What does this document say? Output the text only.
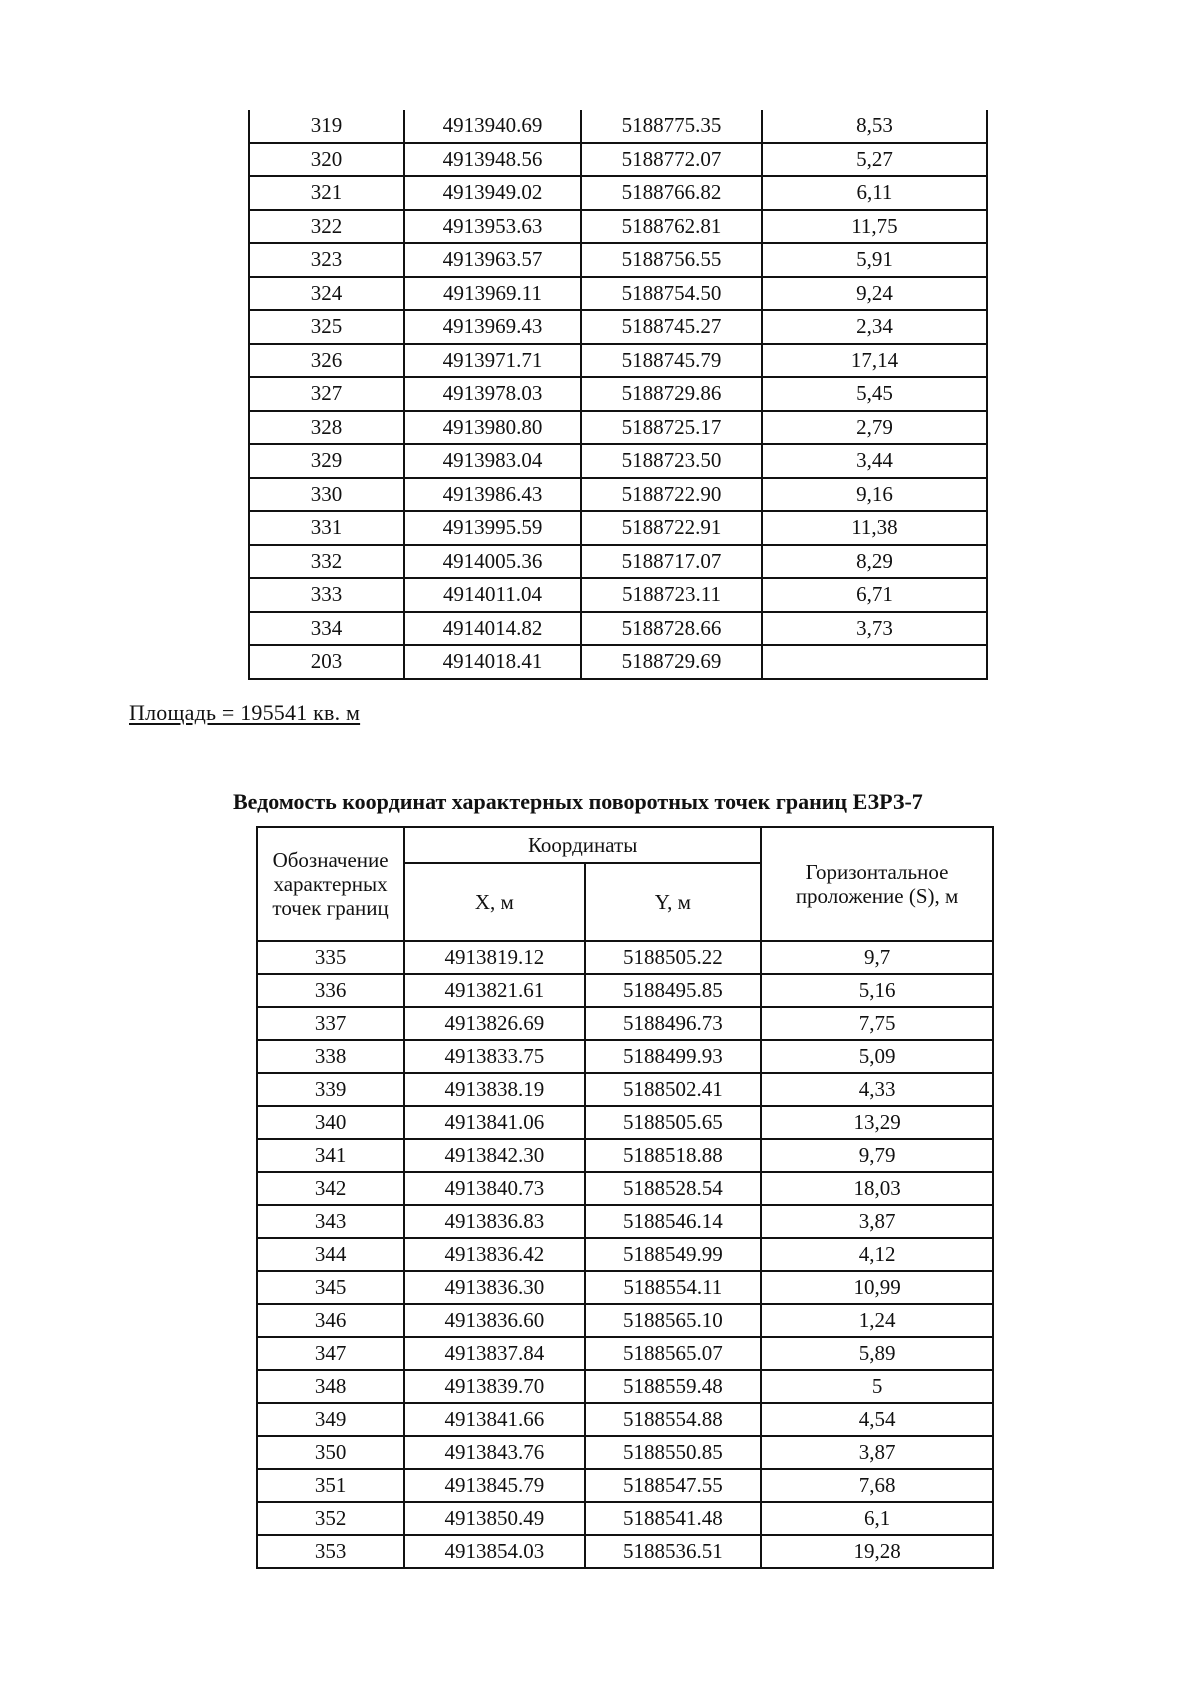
319	4913940.69	5188775.35	8,53
320	4913948.56	5188772.07	5,27
321	4913949.02	5188766.82	6,11
322	4913953.63	5188762.81	11,75
323	4913963.57	5188756.55	5,91
324	4913969.11	5188754.50	9,24
325	4913969.43	5188745.27	2,34
326	4913971.71	5188745.79	17,14
327	4913978.03	5188729.86	5,45
328	4913980.80	5188725.17	2,79
329	4913983.04	5188723.50	3,44
330	4913986.43	5188722.90	9,16
331	4913995.59	5188722.91	11,38
332	4914005.36	5188717.07	8,29
333	4914011.04	5188723.11	6,71
334	4914014.82	5188728.66	3,73
203	4914018.41	5188729.69	
Площадь = 195541 кв. м
Ведомость координат характерных поворотных точек границ ЕЗРЗ-7
Обозначение характерных точек границ	Координаты		Горизонтальное проложение (S), м
	X, м	Y, м	
335	4913819.12	5188505.22	9,7
336	4913821.61	5188495.85	5,16
337	4913826.69	5188496.73	7,75
338	4913833.75	5188499.93	5,09
339	4913838.19	5188502.41	4,33
340	4913841.06	5188505.65	13,29
341	4913842.30	5188518.88	9,79
342	4913840.73	5188528.54	18,03
343	4913836.83	5188546.14	3,87
344	4913836.42	5188549.99	4,12
345	4913836.30	5188554.11	10,99
346	4913836.60	5188565.10	1,24
347	4913837.84	5188565.07	5,89
348	4913839.70	5188559.48	5
349	4913841.66	5188554.88	4,54
350	4913843.76	5188550.85	3,87
351	4913845.79	5188547.55	7,68
352	4913850.49	5188541.48	6,1
353	4913854.03	5188536.51	19,28
